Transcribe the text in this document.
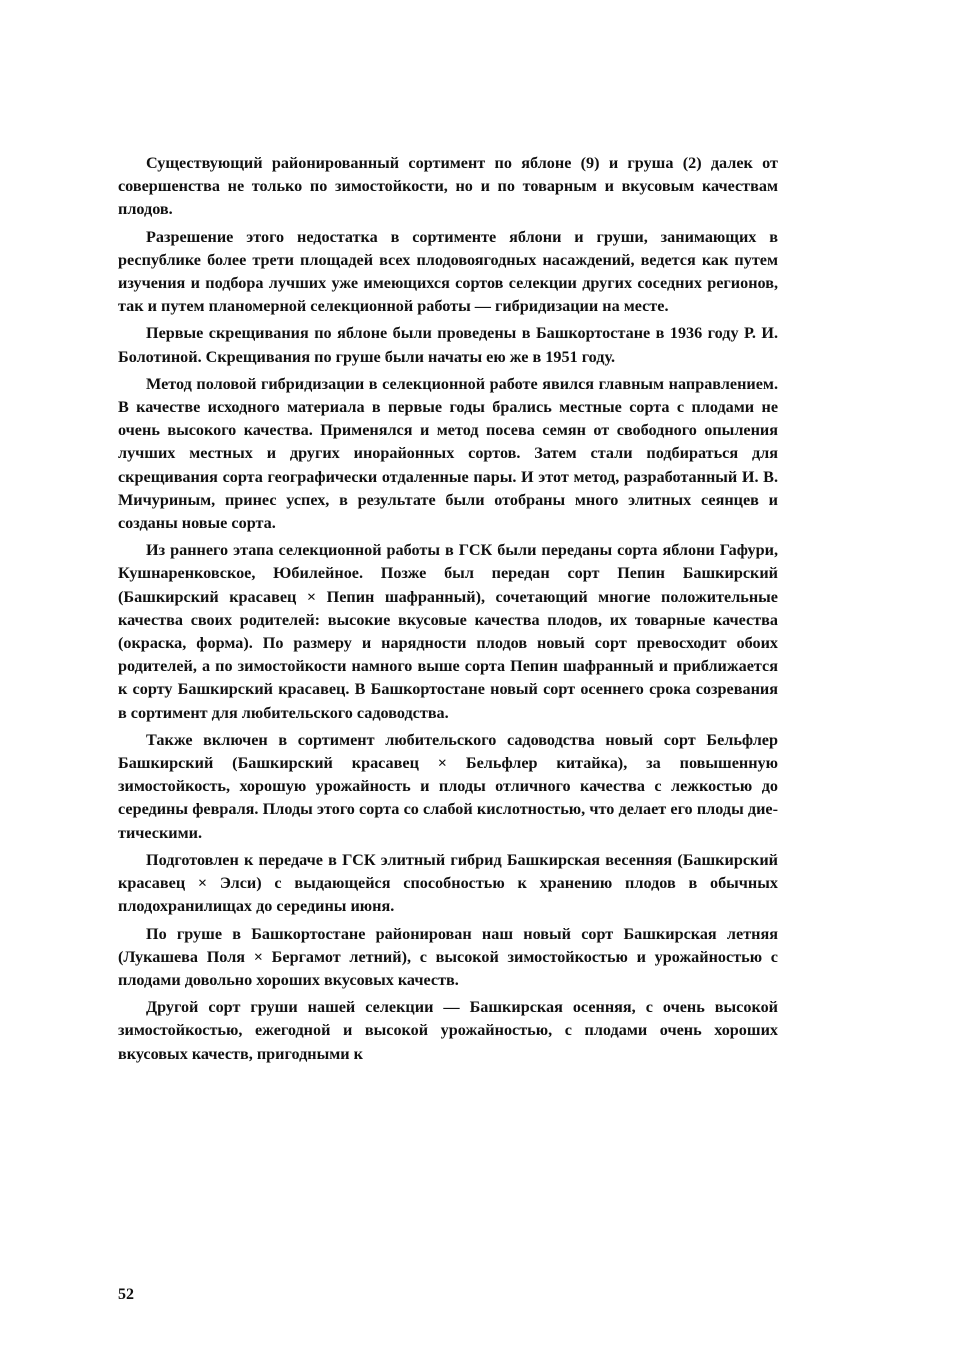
Существующий районированный сортимент по яблоне (9) и груша (2) далек от совершенства не только по зимостойкости, но и по товарным и вкусовым качествам плодов.

Разрешение этого недостатка в сортименте яблони и груши, занимающих в республике более трети площадей всех плодовоягодных насаждений, ведется как путем изучения и подбора лучших уже имеющихся сортов селекции других соседних регионов, так и путем планомерной селекционной работы — гибридизации на месте.

Первые скрещивания по яблоне были проведены в Башкортостане в 1936 году Р. И. Болотиной. Скрещивания по груше были начаты ею же в 1951 году.

Метод половой гибридизации в селекционной работе явился главным направлением. В качестве исходного материала в первые годы брались местные сорта с плодами не очень высокого качества. Применялся и метод посева семян от свободного опыления лучших местных и других инорайонных сортов. Затем стали подбираться для скрещивания сорта географически отдаленные пары. И этот метод, разработанный И. В. Мичуриным, принес успех, в результате были отобраны много элитных сеянцев и созданы новые сорта.

Из раннего этапа селекционной работы в ГСК были переданы сорта яблони Гафури, Кушнаренковское, Юбилейное. Позже был передан сорт Пепин Башкирский (Башкирский красавец × Пепин шафранный), сочетающий многие положительные качества своих родителей: высокие вкусовые качества плодов, их товарные качества (окраска, форма). По размеру и нарядности плодов новый сорт превосходит обоих родителей, а по зимостойкости намного выше сорта Пепин шафранный и приближается к сорту Башкирский красавец. В Башкортостане новый сорт осеннего срока созревания в сортимент для любительского садоводства.

Также включен в сортимент любительского садоводства новый сорт Бельфлер Башкирский (Башкирский красавец × Бельфлер китайка), за повышенную зимостойкость, хорошую урожайность и плоды отличного качества с лежкостью до середины февраля. Плоды этого сорта со слабой кислотностью, что делает его плоды диетическими.

Подготовлен к передаче в ГСК элитный гибрид Башкирская весенняя (Башкирский красавец × Элси) с выдающейся способностью к хранению плодов в обычных плодохранилищах до середины июня.

По груше в Башкортостане районирован наш новый сорт Башкирская летняя (Лукашева Поля × Бергамот летний), с высокой зимостойкостью и урожайностью с плодами довольно хороших вкусовых качеств.

Другой сорт груши нашей селекции — Башкирская осенняя, с очень высокой зимостойкостью, ежегодной и высокой урожайностью, с плодами очень хороших вкусовых качеств, пригодными к

52
